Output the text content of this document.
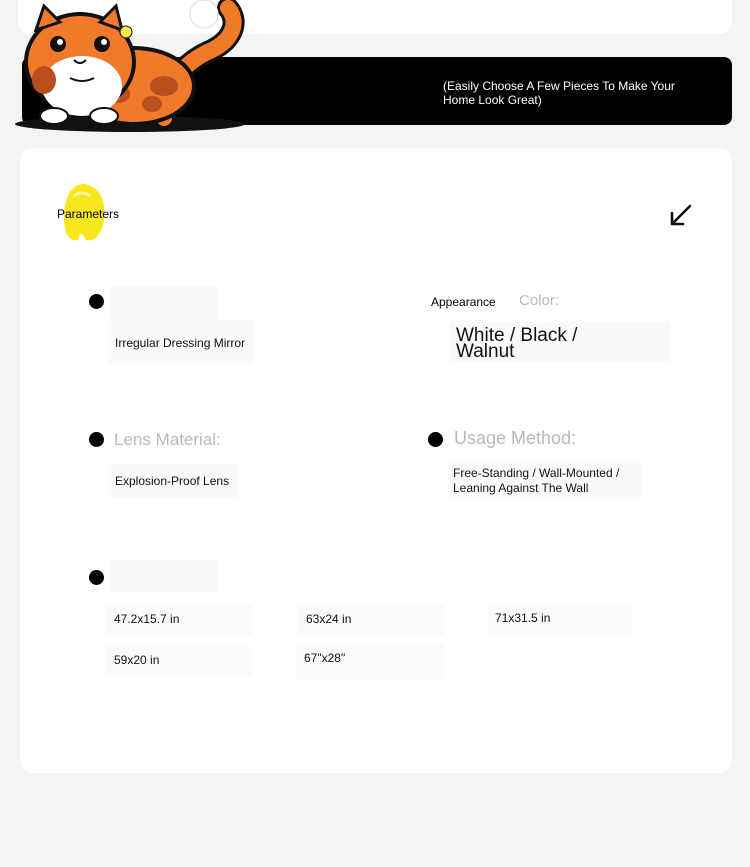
(Easily Choose A Few Pieces To Make Your Home Look Great)
Parameters
Irregular Dressing Mirror
Appearance Color:
White / Black / Walnut
Lens Material:
Explosion-Proof Lens
Usage Method:
Free-Standing / Wall-Mounted / Leaning Against The Wall
47.2x15.7 in	63x24 in	71x31.5 in
59x20 in	67"x28"
